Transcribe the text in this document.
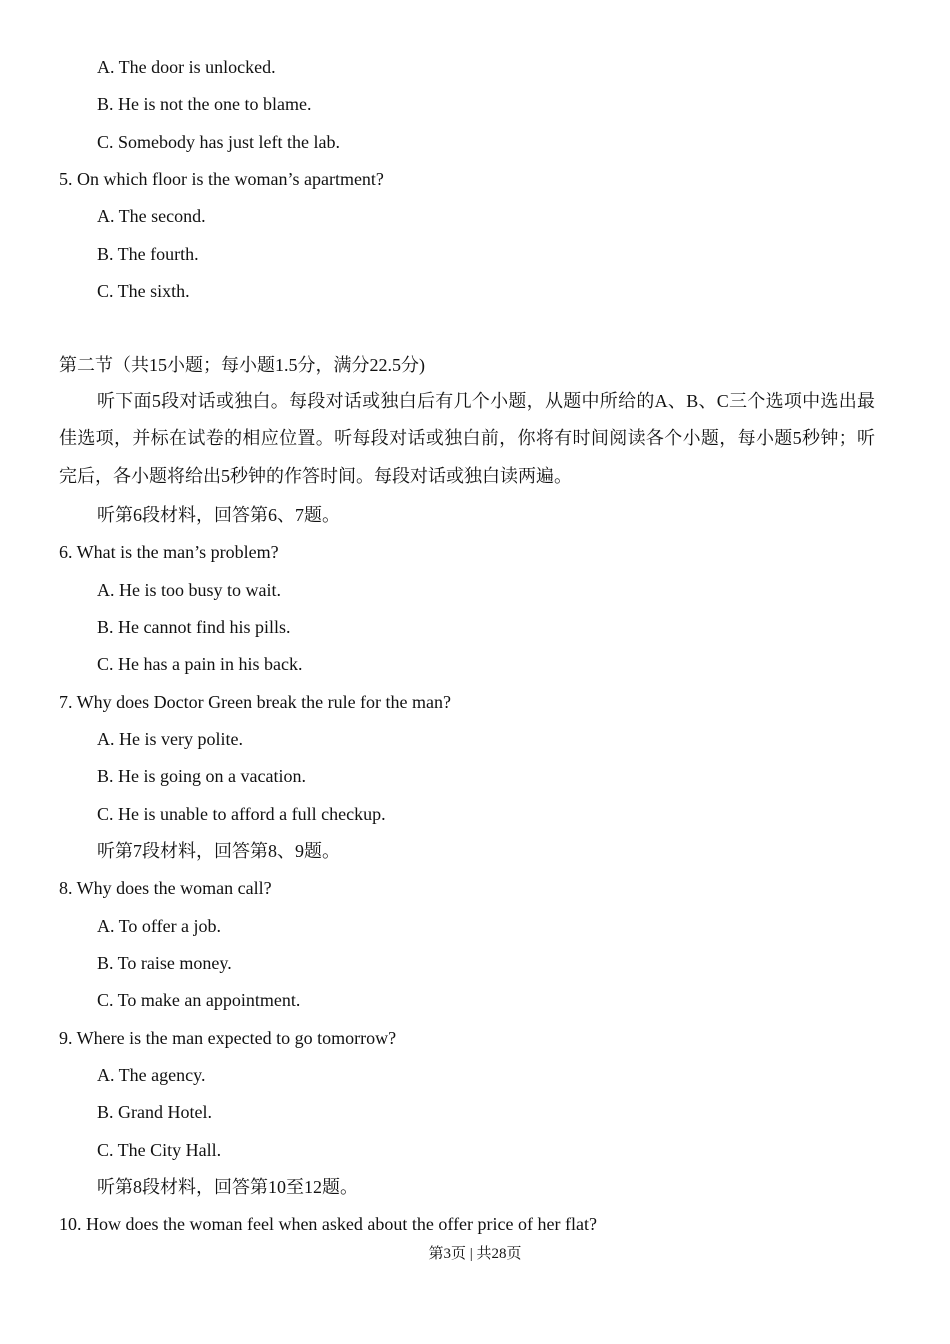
A. The door is unlocked.
B. He is not the one to blame.
C. Somebody has just left the lab.
5. On which floor is the woman’s apartment?
A. The second.
B. The fourth.
C. The sixth.
第二节（共15小题；每小题1.5分，满分22.5分)
听下面5段对话或独白。每段对话或独白后有几个小题，从题中所给的A、B、C三个选项中选出最佳选项，并标在试卷的相应位置。听每段对话或独白前，你将有时间阅读各个小题，每小题5秒钟；听完后，各小题将给出5秒钟的作答时间。每段对话或独白读两遍。
听第6段材料，回答第6、7题。
6. What is the man’s problem?
A. He is too busy to wait.
B. He cannot find his pills.
C. He has a pain in his back.
7. Why does Doctor Green break the rule for the man?
A. He is very polite.
B. He is going on a vacation.
C. He is unable to afford a full checkup.
听第7段材料，回答第8、9题。
8. Why does the woman call?
A. To offer a job.
B. To raise money.
C. To make an appointment.
9. Where is the man expected to go tomorrow?
A. The agency.
B. Grand Hotel.
C. The City Hall.
听第8段材料，回答第10至12题。
10. How does the woman feel when asked about the offer price of her flat?
第3页 | 共28页
